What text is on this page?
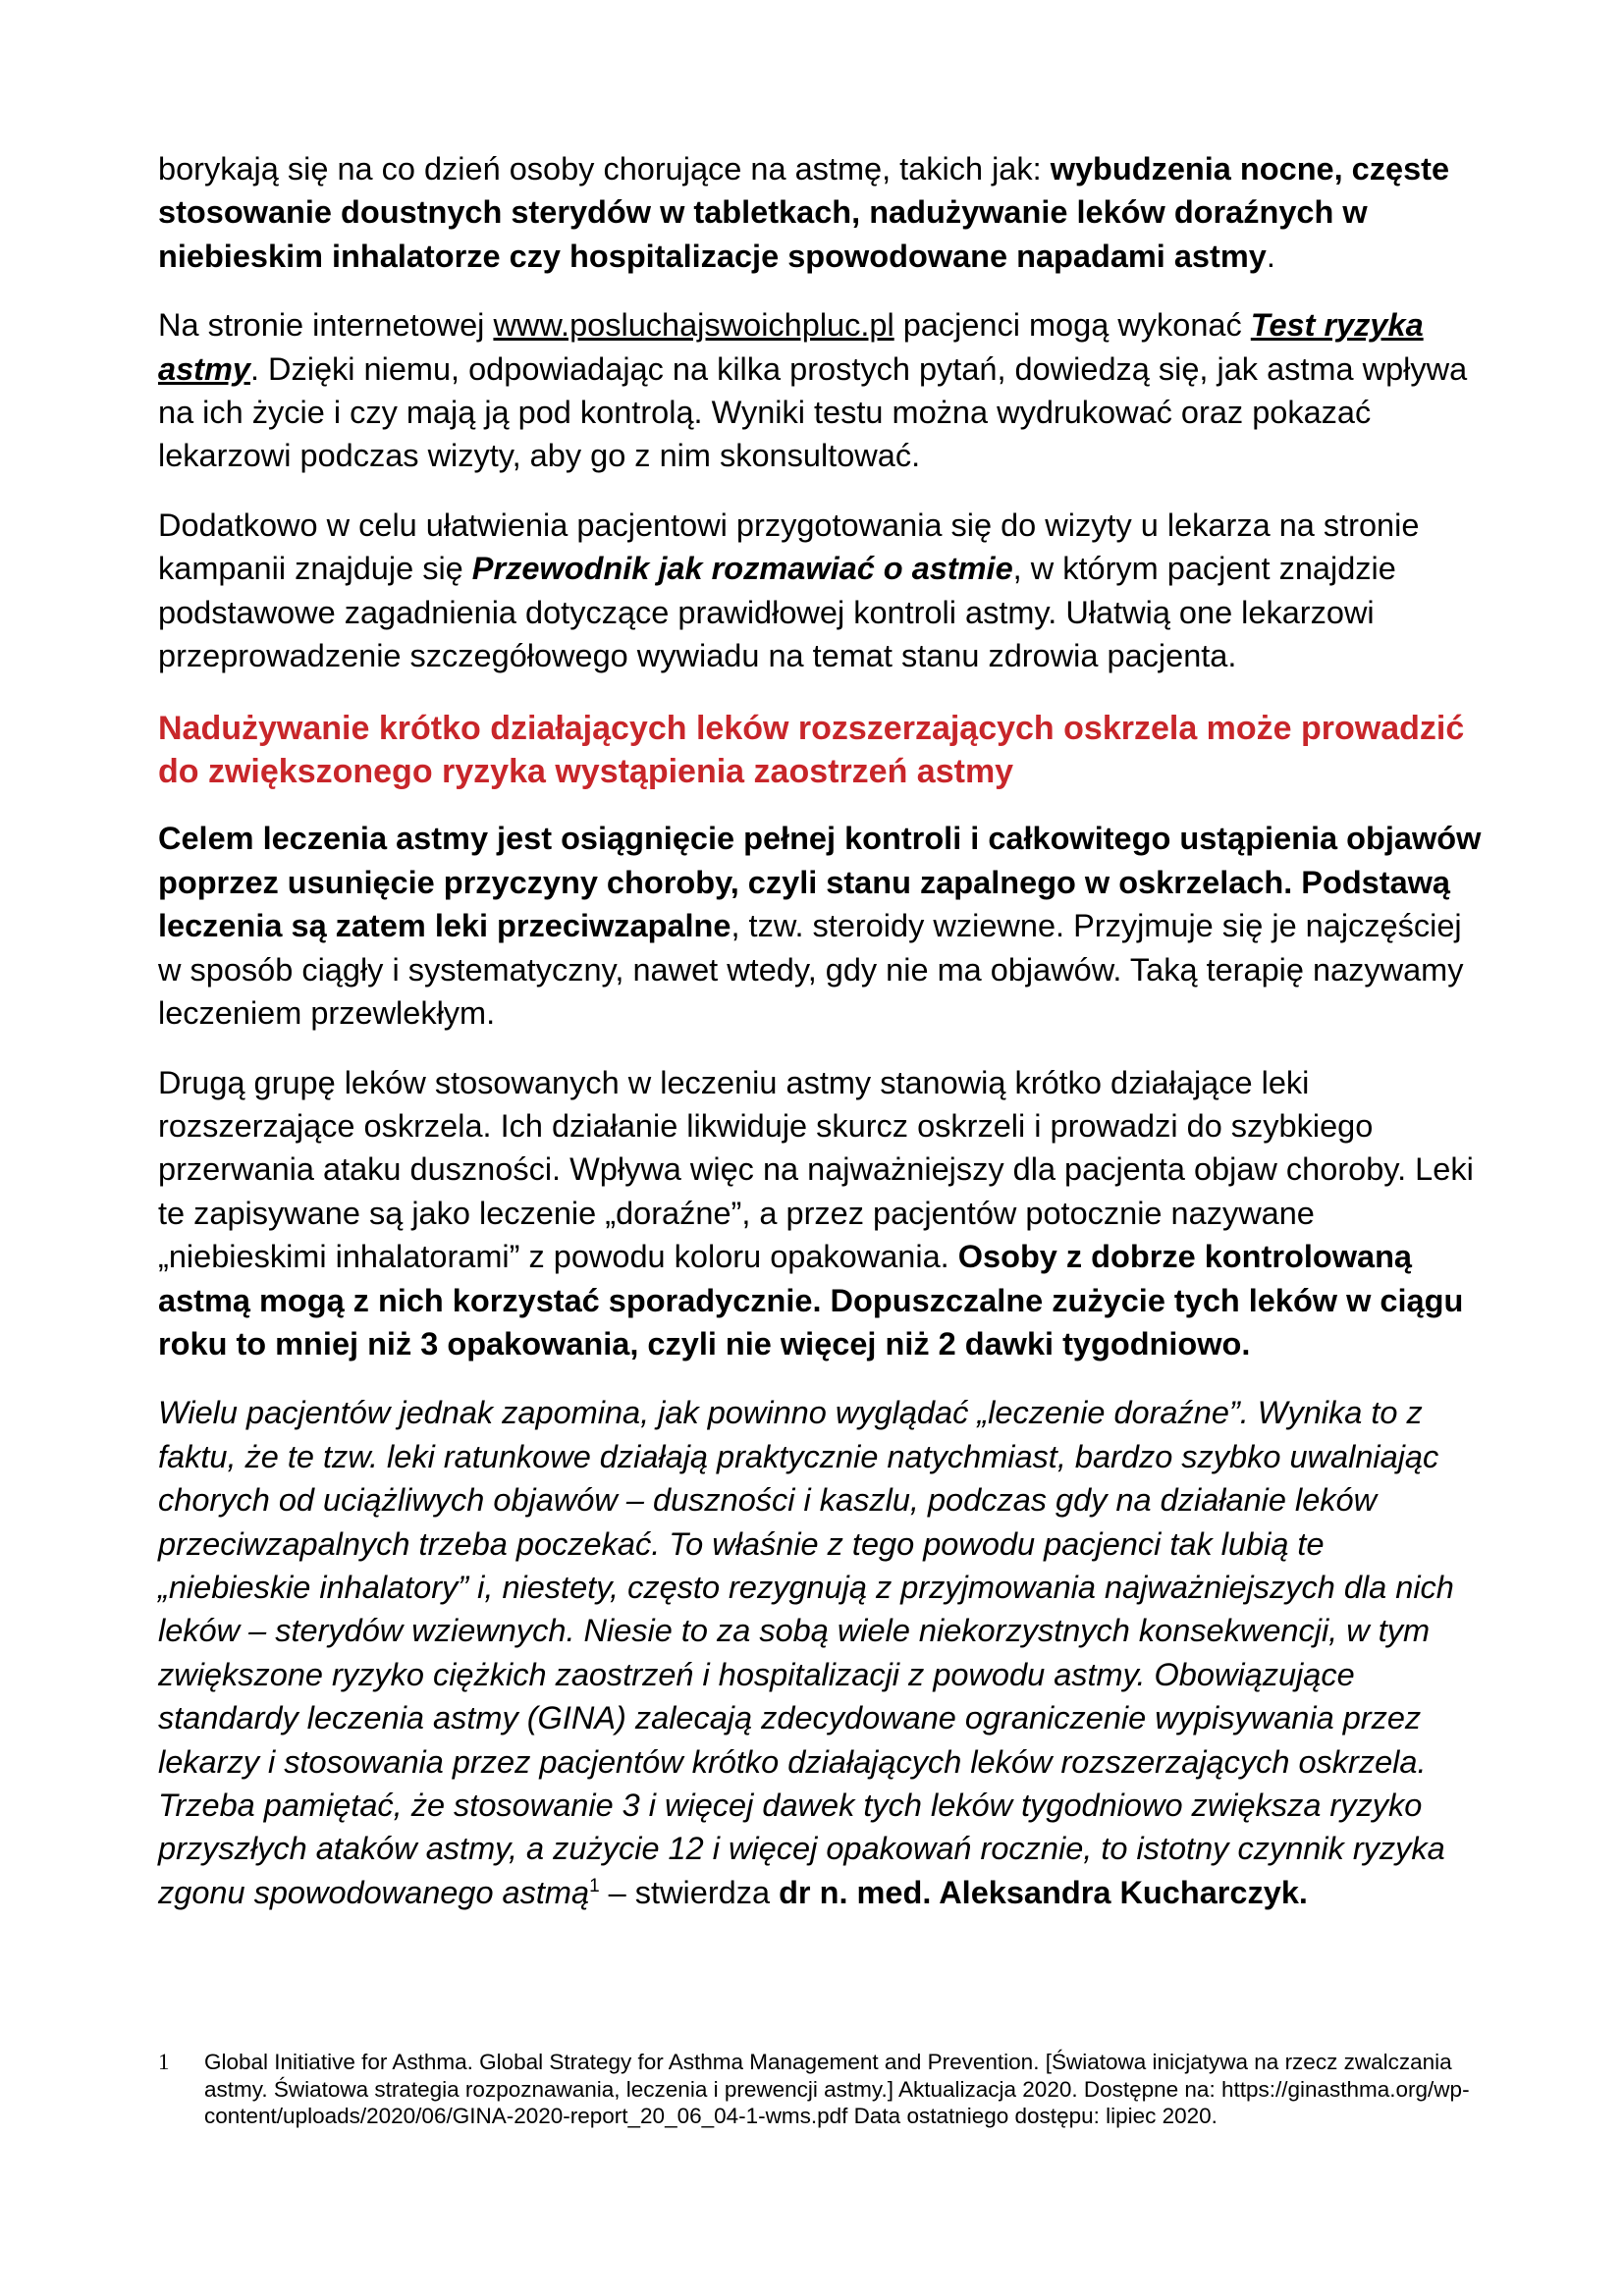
borykają się na co dzień osoby chorujące na astmę, takich jak: wybudzenia nocne, częste stosowanie doustnych sterydów w tabletkach, nadużywanie leków doraźnych w niebieskim inhalatorze czy hospitalizacje spowodowane napadami astmy.

Na stronie internetowej www.posluchajswoichpluc.pl pacjenci mogą wykonać Test ryzyka astmy. Dzięki niemu, odpowiadając na kilka prostych pytań, dowiedzą się, jak astma wpływa na ich życie i czy mają ją pod kontrolą. Wyniki testu można wydrukować oraz pokazać lekarzowi podczas wizyty, aby go z nim skonsultować.

Dodatkowo w celu ułatwienia pacjentowi przygotowania się do wizyty u lekarza na stronie kampanii znajduje się Przewodnik jak rozmawiać o astmie, w którym pacjent znajdzie podstawowe zagadnienia dotyczące prawidłowej kontroli astmy. Ułatwią one lekarzowi przeprowadzenie szczegółowego wywiadu na temat stanu zdrowia pacjenta.

Nadużywanie krótko działających leków rozszerzających oskrzela może prowadzić do zwiększonego ryzyka wystąpienia zaostrzeń astmy

Celem leczenia astmy jest osiągnięcie pełnej kontroli i całkowitego ustąpienia objawów poprzez usunięcie przyczyny choroby, czyli stanu zapalnego w oskrzelach. Podstawą leczenia są zatem leki przeciwzapalne, tzw. steroidy wziewne. Przyjmuje się je najczęściej w sposób ciągły i systematyczny, nawet wtedy, gdy nie ma objawów. Taką terapię nazywamy leczeniem przewlekłym.

Drugą grupę leków stosowanych w leczeniu astmy stanowią krótko działające leki rozszerzające oskrzela. Ich działanie likwiduje skurcz oskrzeli i prowadzi do szybkiego przerwania ataku duszności. Wpływa więc na najważniejszy dla pacjenta objaw choroby. Leki te zapisywane są jako leczenie „doraźne”, a przez pacjentów potocznie nazywane „niebieskimi inhalatorami” z powodu koloru opakowania. Osoby z dobrze kontrolowaną astmą mogą z nich korzystać sporadycznie. Dopuszczalne zużycie tych leków w ciągu roku to mniej niż 3 opakowania, czyli nie więcej niż 2 dawki tygodniowo.

Wielu pacjentów jednak zapomina, jak powinno wyglądać „leczenie doraźne”. Wynika to z faktu, że te tzw. leki ratunkowe działają praktycznie natychmiast, bardzo szybko uwalniając chorych od uciążliwych objawów – duszności i kaszlu, podczas gdy na działanie leków przeciwzapalnych trzeba poczekać. To właśnie z tego powodu pacjenci tak lubią te „niebieskie inhalatory” i, niestety, często rezygnują z przyjmowania najważniejszych dla nich leków – sterydów wziewnych. Niesie to za sobą wiele niekorzystnych konsekwencji, w tym zwiększone ryzyko ciężkich zaostrzeń i hospitalizacji z powodu astmy. Obowiązujące standardy leczenia astmy (GINA) zalecają zdecydowane ograniczenie wypisywania przez lekarzy i stosowania przez pacjentów krótko działających leków rozszerzających oskrzela. Trzeba pamiętać, że stosowanie 3 i więcej dawek tych leków tygodniowo zwiększa ryzyko przyszłych ataków astmy, a zużycie 12 i więcej opakowań rocznie, to istotny czynnik ryzyka zgonu spowodowanego astmą$^1$ – stwierdza dr n. med. Aleksandra Kucharczyk.

1 Global Initiative for Asthma. Global Strategy for Asthma Management and Prevention. [Światowa inicjatywa na rzecz zwalczania astmy. Światowa strategia rozpoznawania, leczenia i prewencji astmy.] Aktualizacja 2020. Dostępne na: https://ginasthma.org/wp-content/uploads/2020/06/GINA-2020-report_20_06_04-1-wms.pdf Data ostatniego dostępu: lipiec 2020.
